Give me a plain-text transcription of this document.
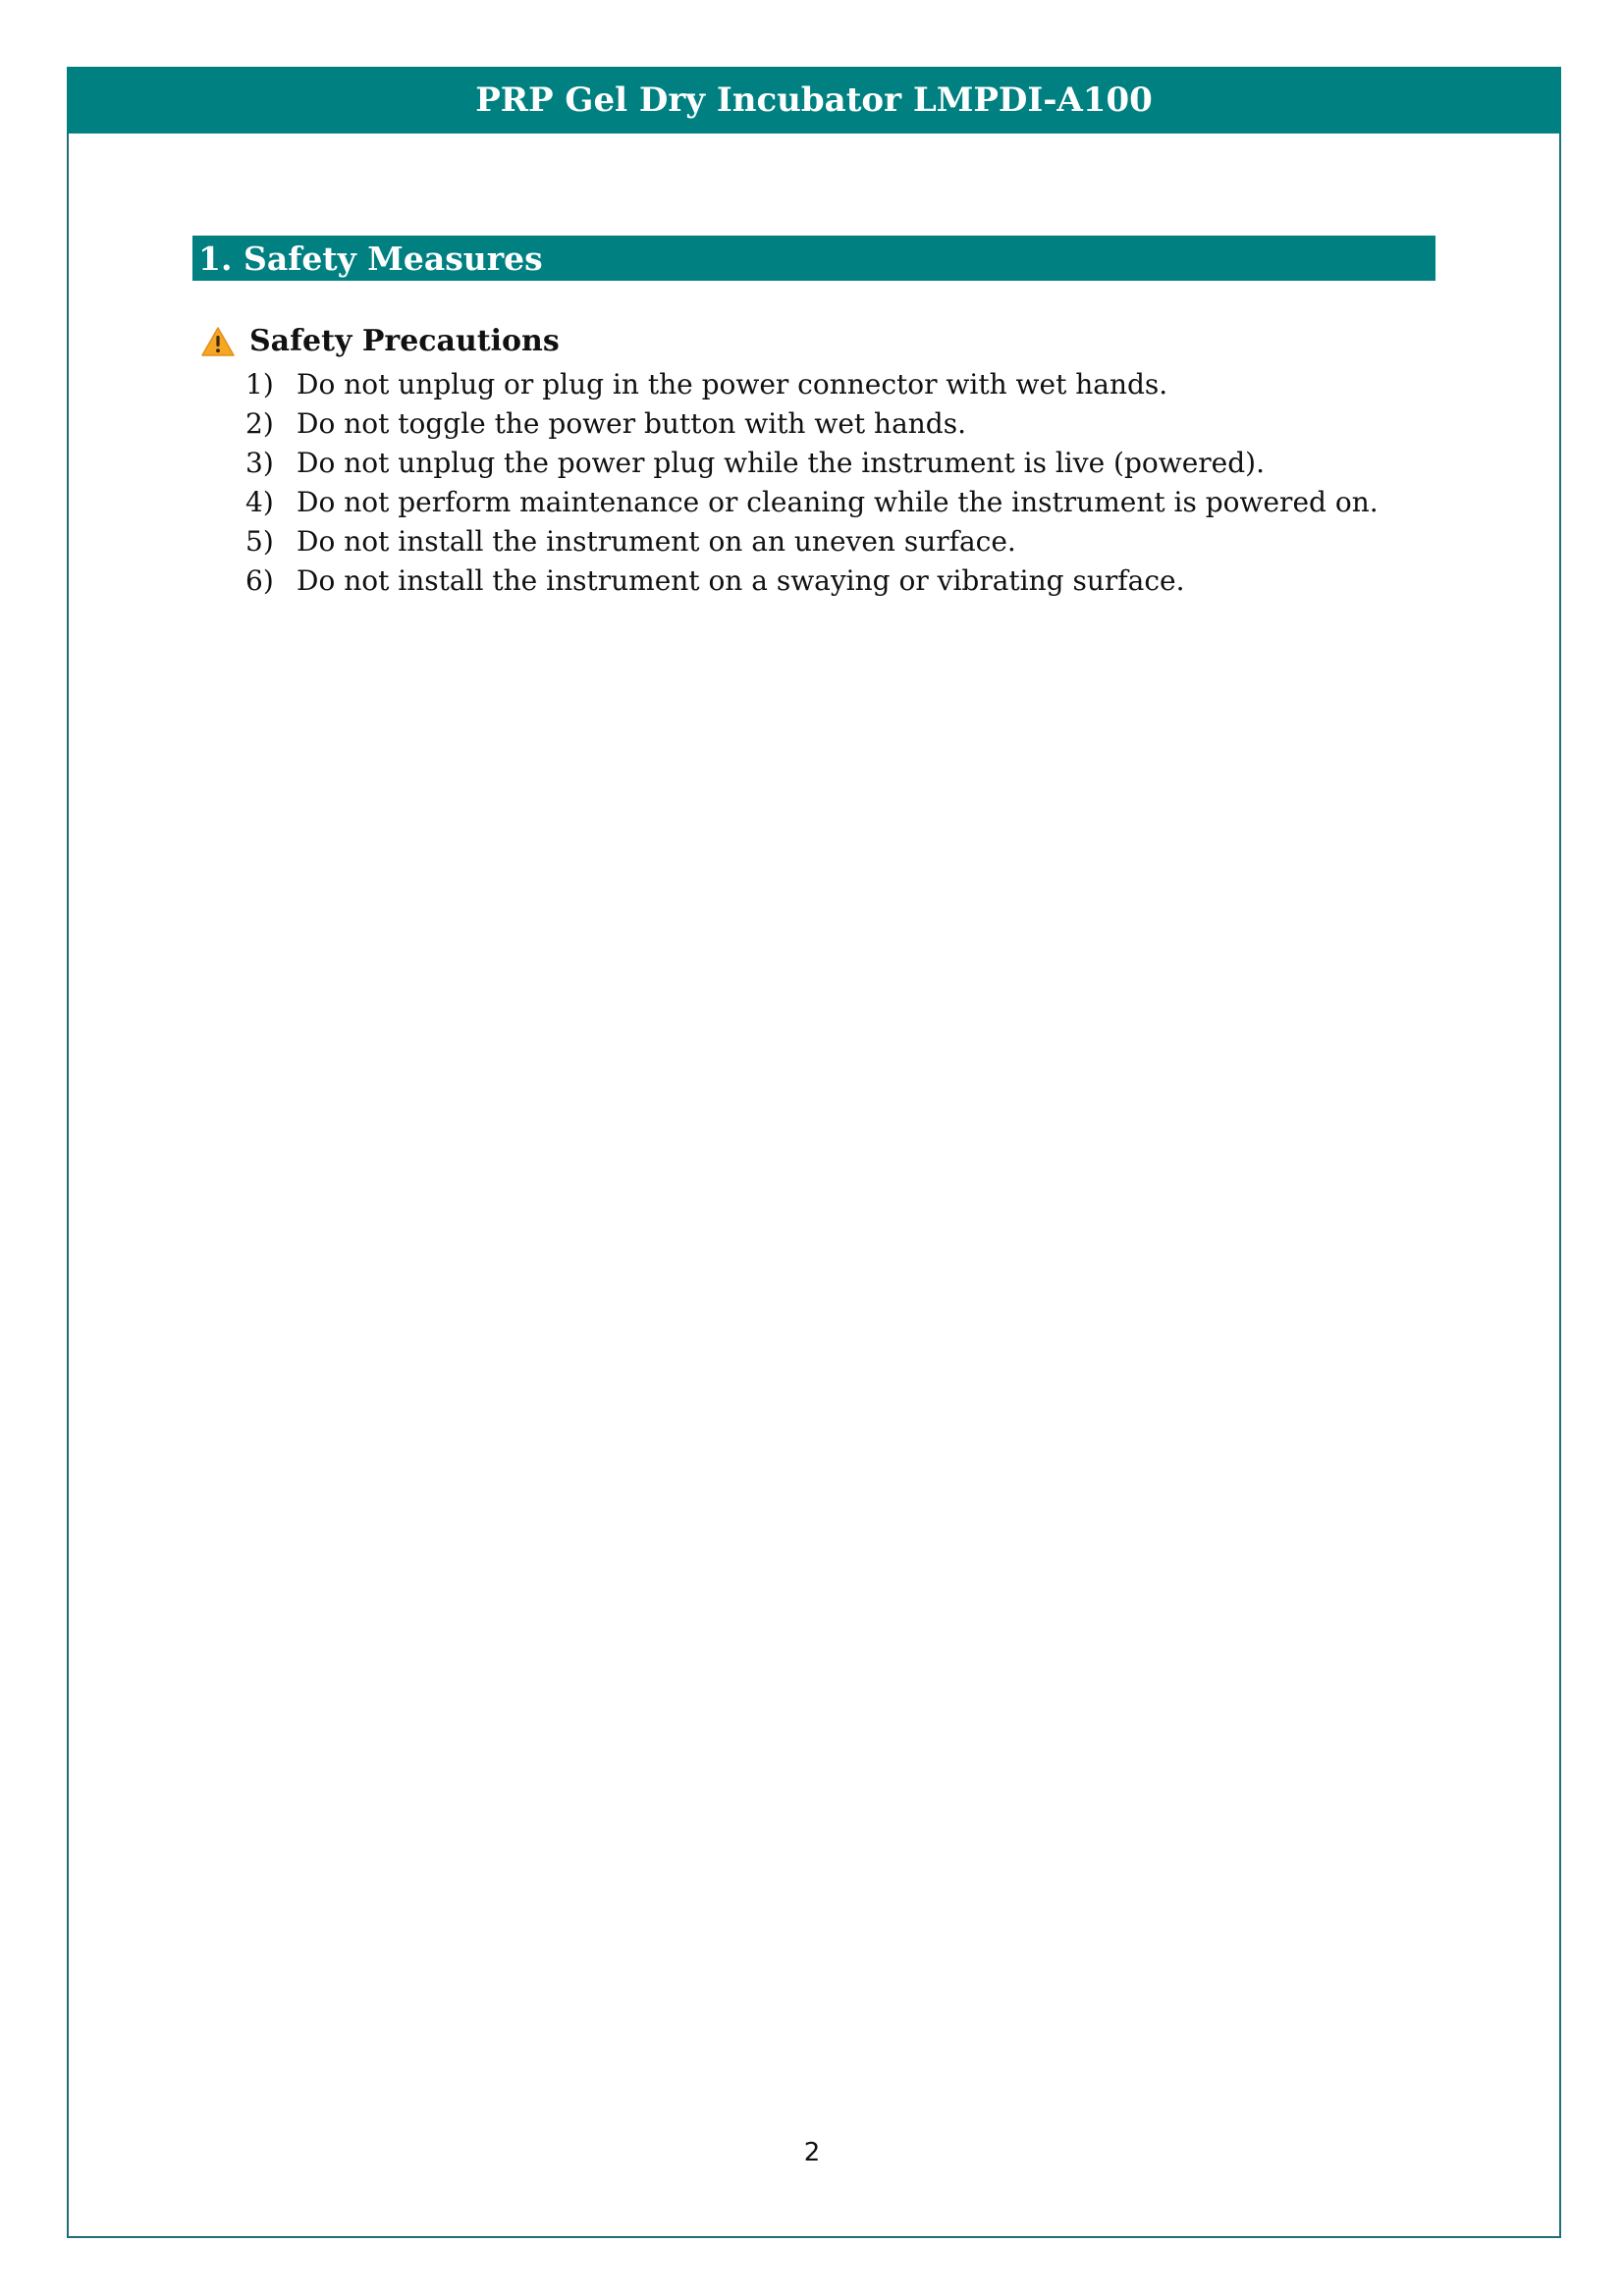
PRP Gel Dry Incubator LMPDI-A100
1. Safety Measures
Safety Precautions
1) Do not unplug or plug in the power connector with wet hands.
2) Do not toggle the power button with wet hands.
3) Do not unplug the power plug while the instrument is live (powered).
4) Do not perform maintenance or cleaning while the instrument is powered on.
5) Do not install the instrument on an uneven surface.
6) Do not install the instrument on a swaying or vibrating surface.
2
